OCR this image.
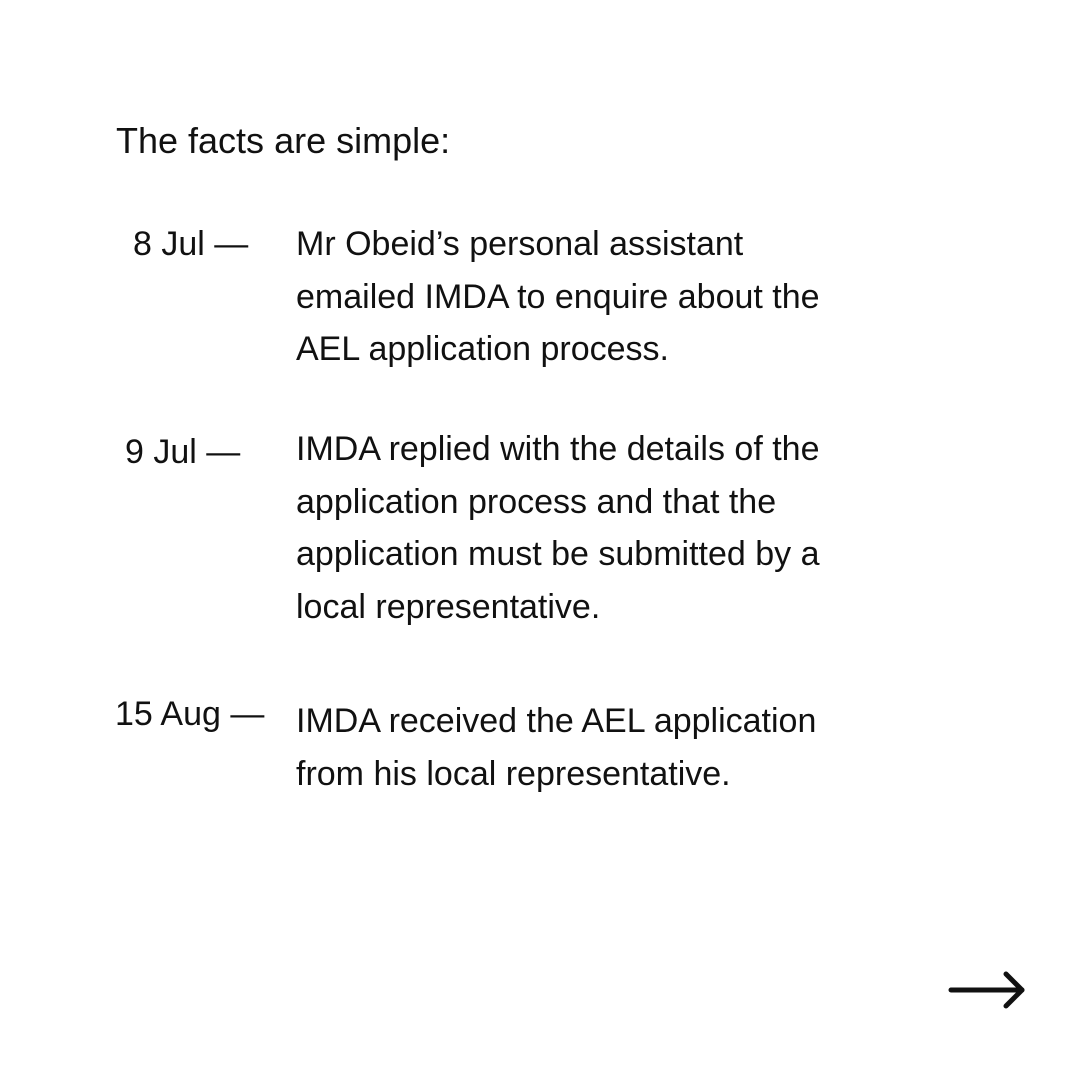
The facts are simple:
8 Jul — Mr Obeid’s personal assistant
emailed IMDA to enquire about the
AEL application process.
9 Jul — IMDA replied with the details of the
application process and that the
application must be submitted by a
local representative.
15 Aug — IMDA received the AEL application
from his local representative.
